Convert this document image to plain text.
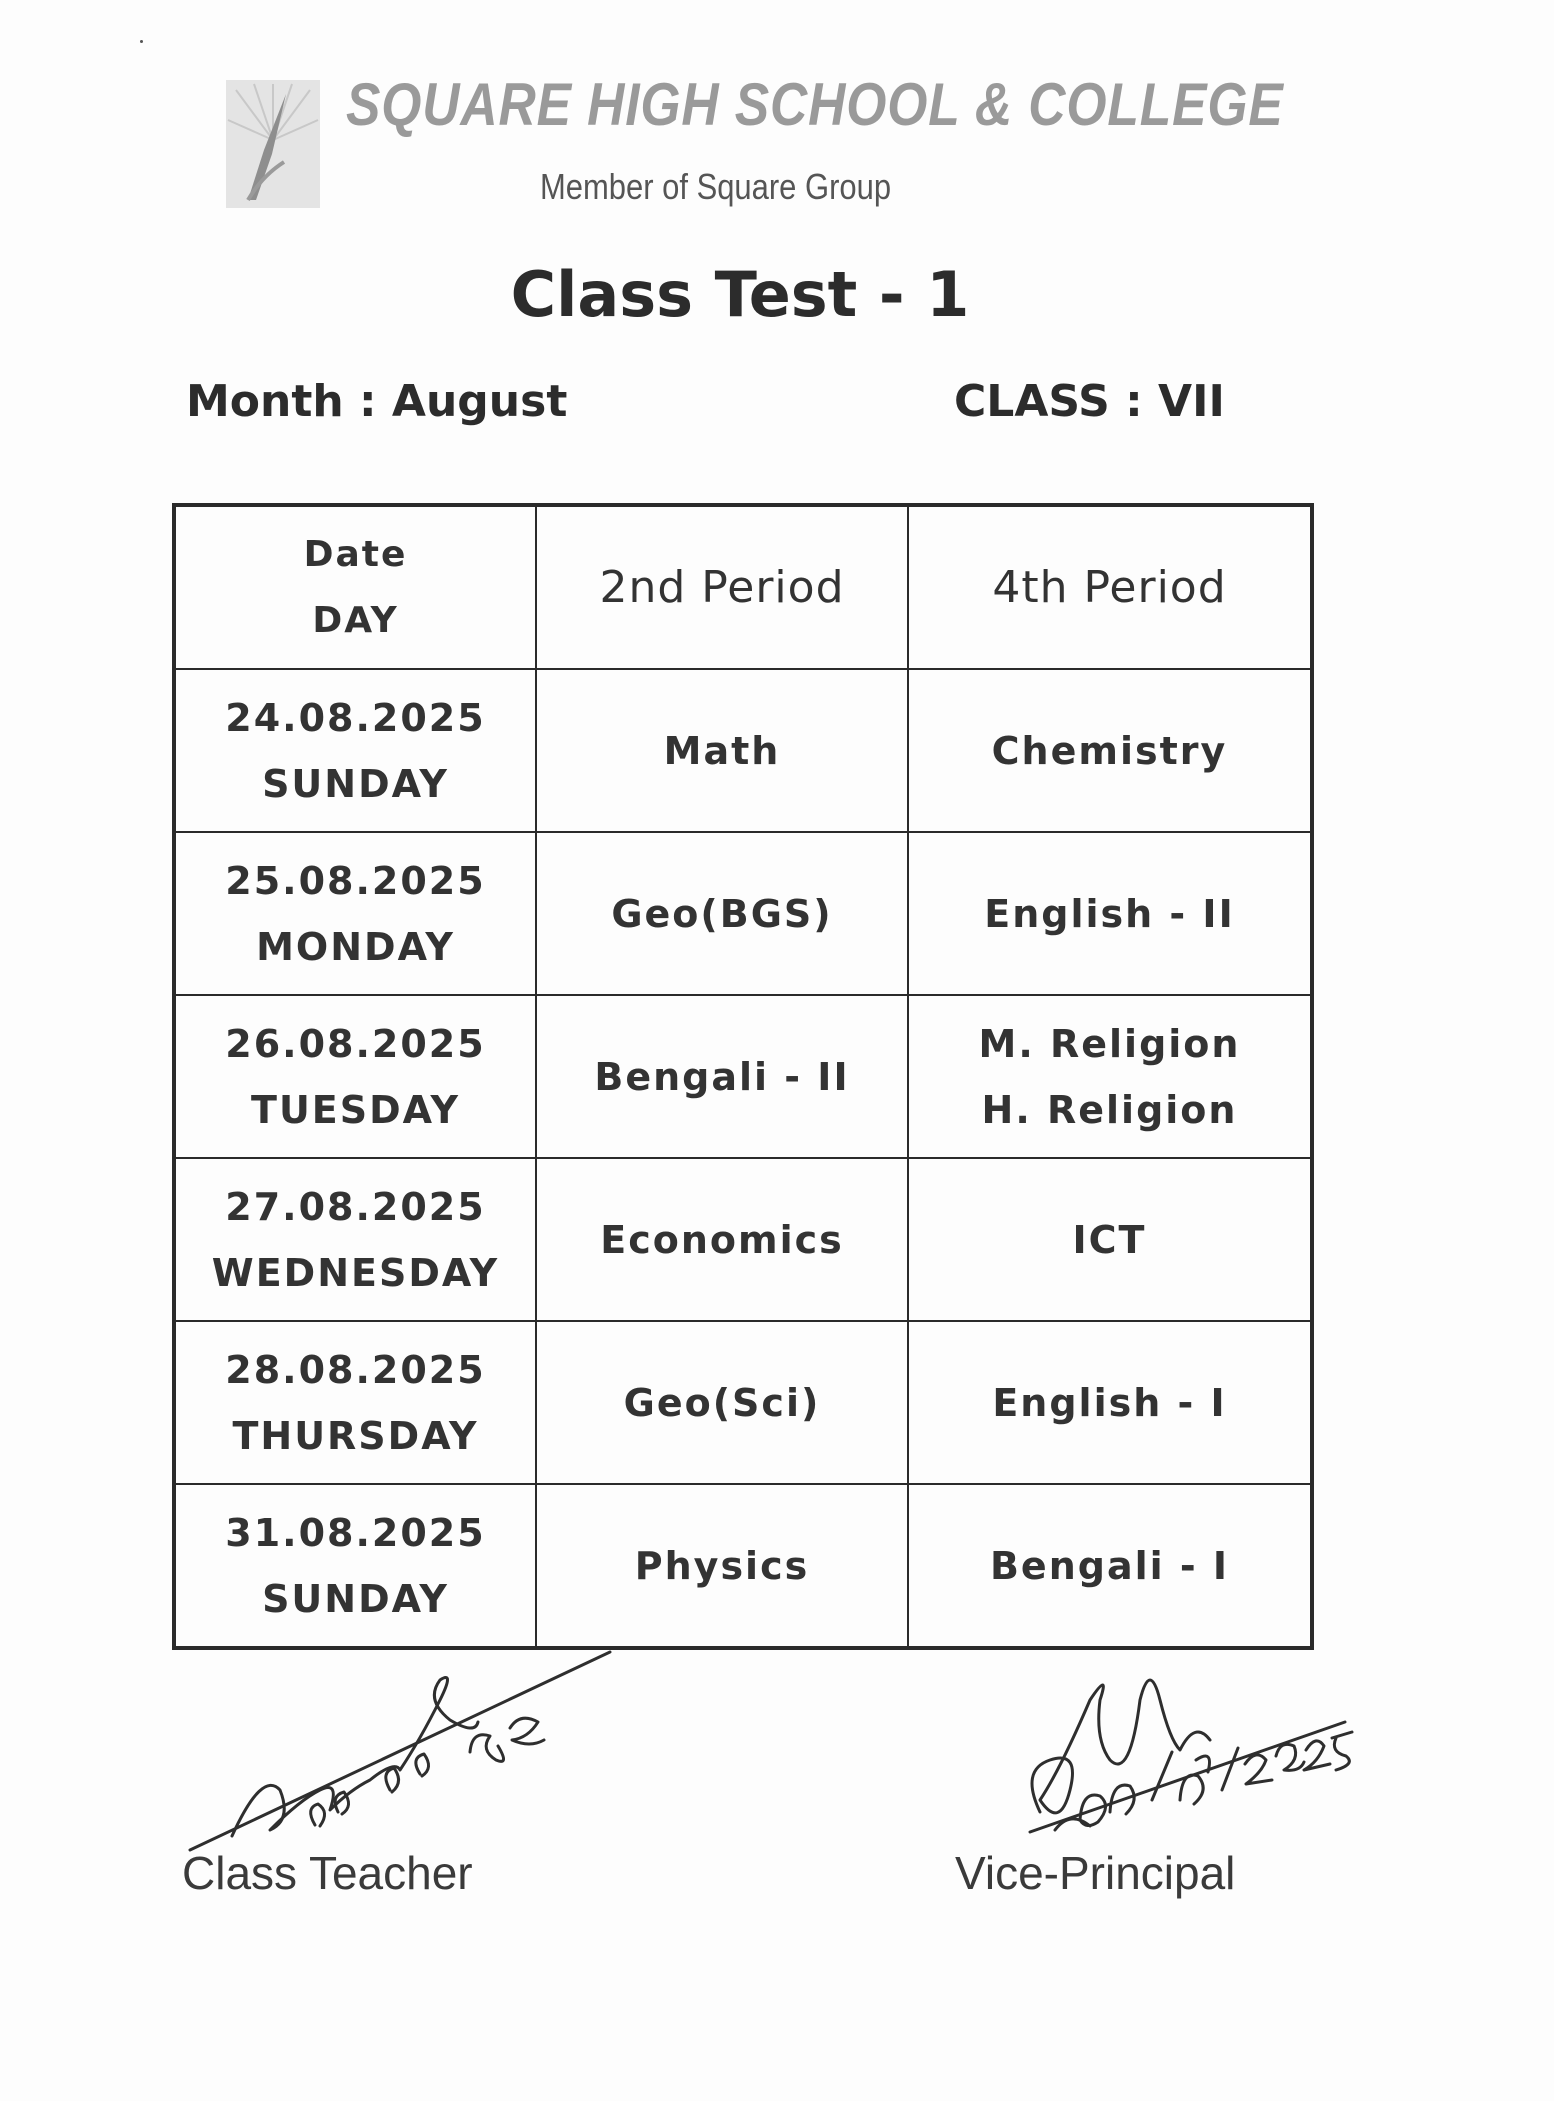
SQUARE HIGH SCHOOL & COLLEGE
Member of Square Group
Class Test - 1
Month : August	CLASS : VII
Date
DAY	2nd Period	4th Period

24.08.2025
SUNDAY	Math	Chemistry

25.08.2025
MONDAY	Geo(BGS)	English - II

26.08.2025
TUESDAY	Bengali - II	M. Religion
H. Religion

27.08.2025
WEDNESDAY	Economics	ICT

28.08.2025
THURSDAY	Geo(Sci)	English - I

31.08.2025
SUNDAY	Physics	Bengali - I
Class Teacher	Vice-Principal
